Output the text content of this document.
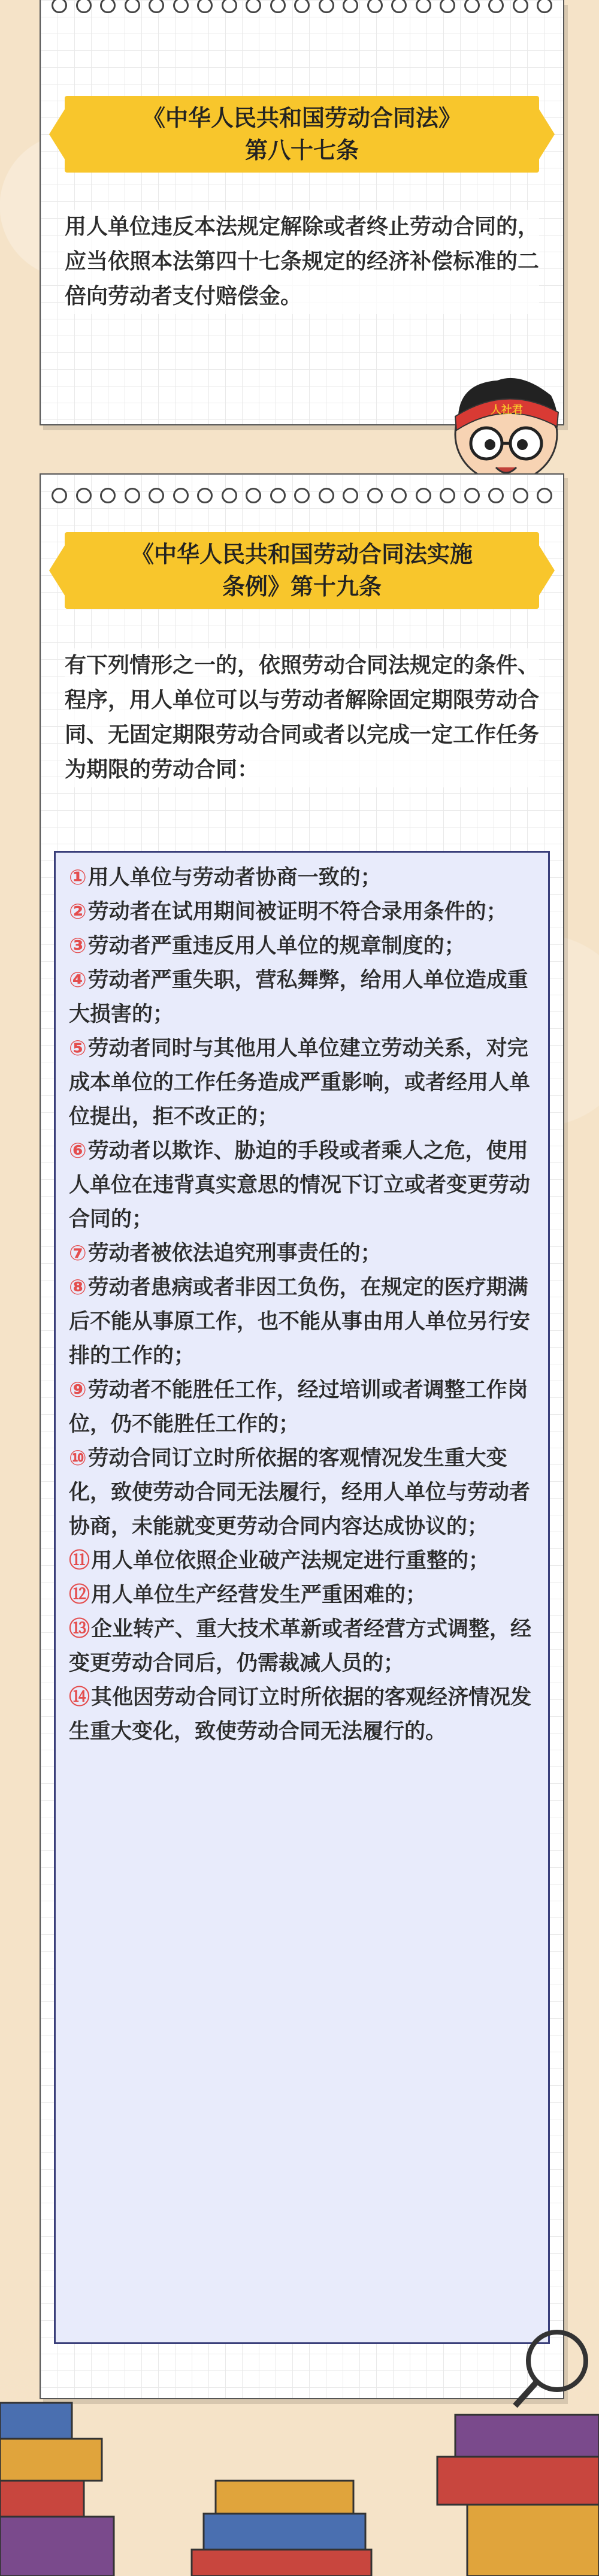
《中华人民共和国劳动合同法》
第八十七条
用人单位违反本法规定解除或者终止劳动合同的，应当依照本法第四十七条规定的经济补偿标准的二倍向劳动者支付赔偿金。
人社君
《中华人民共和国劳动合同法实施
条例》第十九条
有下列情形之一的，依照劳动合同法规定的条件、程序，用人单位可以与劳动者解除固定期限劳动合同、无固定期限劳动合同或者以完成一定工作任务为期限的劳动合同：
①用人单位与劳动者协商一致的；
②劳动者在试用期间被证明不符合录用条件的；
③劳动者严重违反用人单位的规章制度的；
④劳动者严重失职，营私舞弊，给用人单位造成重大损害的；
⑤劳动者同时与其他用人单位建立劳动关系，对完成本单位的工作任务造成严重影响，或者经用人单位提出，拒不改正的；
⑥劳动者以欺诈、胁迫的手段或者乘人之危，使用人单位在违背真实意思的情况下订立或者变更劳动合同的；
⑦劳动者被依法追究刑事责任的；
⑧劳动者患病或者非因工负伤，在规定的医疗期满后不能从事原工作，也不能从事由用人单位另行安排的工作的；
⑨劳动者不能胜任工作，经过培训或者调整工作岗位，仍不能胜任工作的；
⑩劳动合同订立时所依据的客观情况发生重大变化，致使劳动合同无法履行，经用人单位与劳动者协商，未能就变更劳动合同内容达成协议的；
⑪用人单位依照企业破产法规定进行重整的；
⑫用人单位生产经营发生严重困难的；
⑬企业转产、重大技术革新或者经营方式调整，经变更劳动合同后，仍需裁减人员的；
⑭其他因劳动合同订立时所依据的客观经济情况发生重大变化，致使劳动合同无法履行的。
